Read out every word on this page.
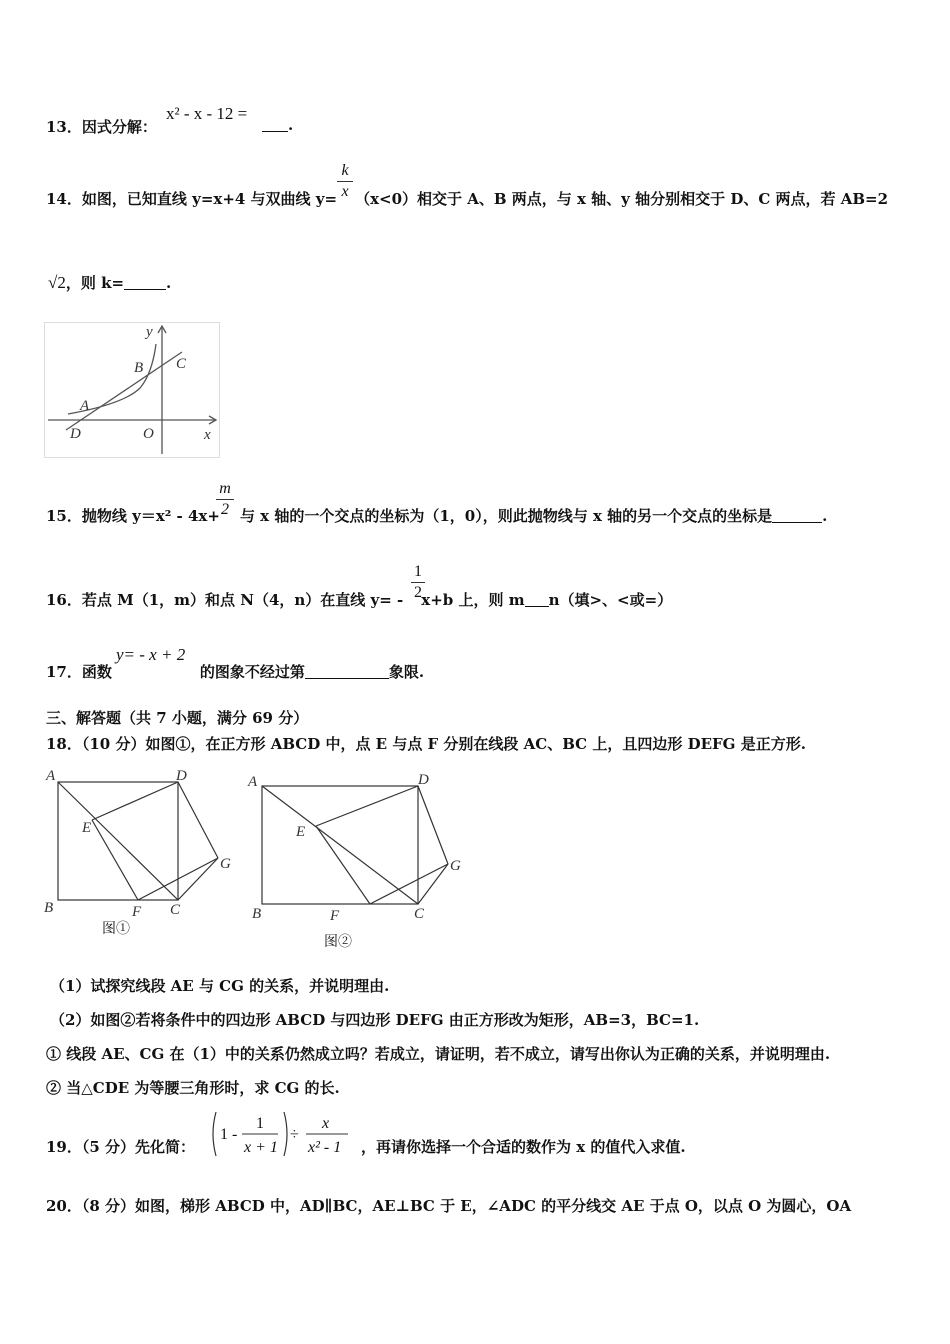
13．因式分解：
x² - x - 12 =
.
14．如图，已知直线 y=x+4 与双曲线 y= （x<0）相交于 A、B 两点，与 x 轴、y 轴分别相交于 D、C 两点，若 AB=2
k
x
√2，则 k=	.
y
x
A
B C
D	O
15．抛物线 y＝x² - 4x+ 与 x 轴的一个交点的坐标为（1，0），则此抛物线与 x 轴的另一个交点的坐标是	.
m
2
16．若点 M（1，m）和点 N（4，n）在直线 y= - x+b 上，则 m n（填>、<或=）
1
2
17．函数	的图象不经过第	象限.
y= - x + 2
三、解答题（共 7 小题，满分 69 分）
18．（10 分）如图①，在正方形 ABCD 中，点 E 与点 F 分别在线段 AC、BC 上，且四边形 DEFG 是正方形.
A	D
E
G
B	F C
图①
A	D
E
G
B	F	C
图②
（1）试探究线段 AE 与 CG 的关系，并说明理由.
（2）如图②若将条件中的四边形 ABCD 与四边形 DEFG 由正方形改为矩形，AB=3，BC=1.
① 线段 AE、CG 在（1）中的关系仍然成立吗？若成立，请证明，若不成立，请写出你认为正确的关系，并说明理由.
② 当△CDE 为等腰三角形时，求 CG 的长.
19．（5 分）先化简：	，再请你选择一个合适的数作为 x 的值代入求值.
1 -
1
x + 1
÷
x
x² - 1
20．（8 分）如图，梯形 ABCD 中，AD∥BC，AE⊥BC 于 E，∠ADC 的平分线交 AE 于点 O，以点 O 为圆心，OA
